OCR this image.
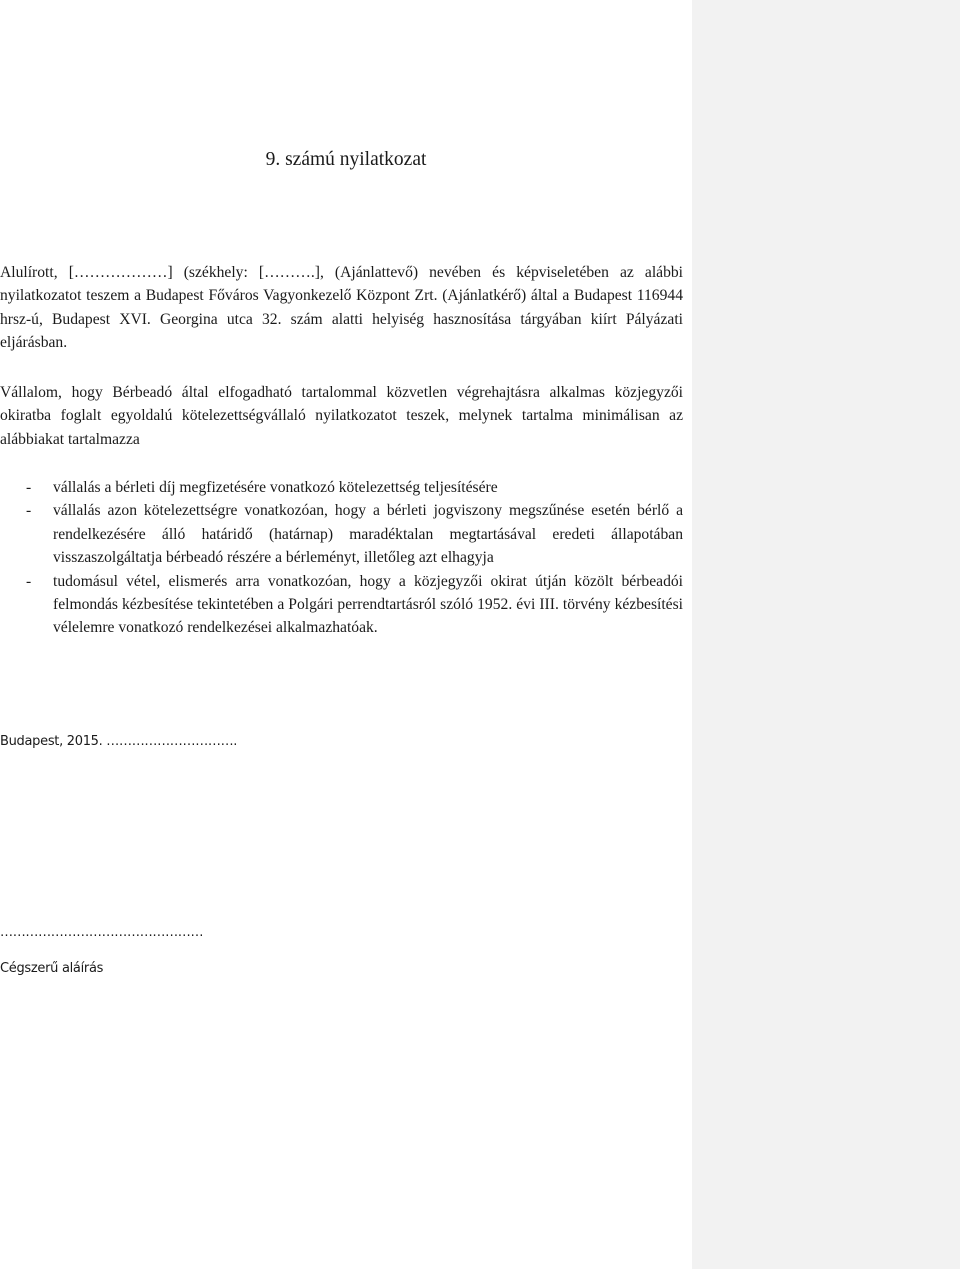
9. számú nyilatkozat
Alulírott, [………………] (székhely: [……….], (Ajánlattevő) nevében és képviseletében az alábbi nyilatkozatot teszem a Budapest Főváros Vagyonkezelő Központ Zrt. (Ajánlatkérő) által a Budapest 116944 hrsz-ú, Budapest XVI. Georgina utca 32. szám alatti helyiség hasznosítása tárgyában kiírt Pályázati eljárásban.
Vállalom, hogy Bérbeadó által elfogadható tartalommal közvetlen végrehajtásra alkalmas közjegyzői okiratba foglalt egyoldalú kötelezettségvállaló nyilatkozatot teszek, melynek tartalma minimálisan az alábbiakat tartalmazza
- vállalás a bérleti díj megfizetésére vonatkozó kötelezettség teljesítésére
- vállalás azon kötelezettségre vonatkozóan, hogy a bérleti jogviszony megszűnése esetén bérlő a rendelkezésére álló határidő (határnap) maradéktalan megtartásával eredeti állapotában visszaszolgáltatja bérbeadó részére a bérleményt, illetőleg azt elhagyja
- tudomásul vétel, elismerés arra vonatkozóan, hogy a közjegyzői okirat útján közölt bérbeadói felmondás kézbesítése tekintetében a Polgári perrendtartásról szóló 1952. évi III. törvény kézbesítési vélelemre vonatkozó rendelkezései alkalmazhatóak.
Budapest, 2015. ………………………….
…………………………………………
Cégszerű aláírás
